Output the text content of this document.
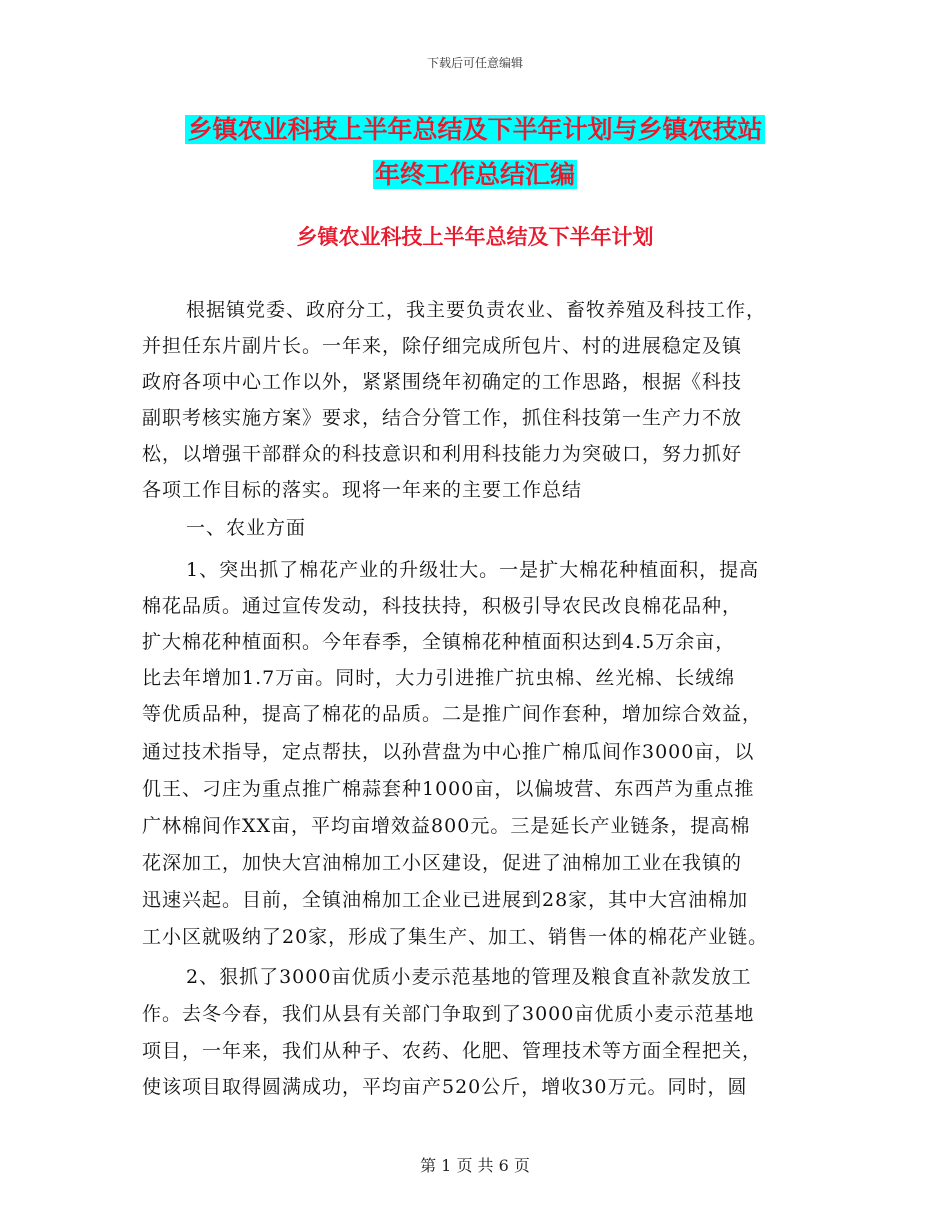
下载后可任意编辑
乡镇农业科技上半年总结及下半年计划与乡镇农技站
年终工作总结汇编
乡镇农业科技上半年总结及下半年计划
根据镇党委、政府分工，我主要负责农业、畜牧养殖及科技工作，
并担任东片副片长。一年来，除仔细完成所包片、村的进展稳定及镇
政府各项中心工作以外，紧紧围绕年初确定的工作思路，根据《科技
副职考核实施方案》要求，结合分管工作，抓住科技第一生产力不放
松，以增强干部群众的科技意识和利用科技能力为突破口，努力抓好
各项工作目标的落实。现将一年来的主要工作总结
一、农业方面
1、突出抓了棉花产业的升级壮大。一是扩大棉花种植面积，提高
棉花品质。通过宣传发动，科技扶持，积极引导农民改良棉花品种，
扩大棉花种植面积。今年春季，全镇棉花种植面积达到4.5万余亩，
比去年增加1.7万亩。同时，大力引进推广抗虫棉、丝光棉、长绒绵
等优质品种，提高了棉花的品质。二是推广间作套种，增加综合效益，
通过技术指导，定点帮扶，以孙营盘为中心推广棉瓜间作3000亩，以
仉王、刁庄为重点推广棉蒜套种1000亩，以偏坡营、东西芦为重点推
广林棉间作XX亩，平均亩增效益800元。三是延长产业链条，提高棉
花深加工，加快大宫油棉加工小区建设，促进了油棉加工业在我镇的
迅速兴起。目前，全镇油棉加工企业已进展到28家，其中大宫油棉加
工小区就吸纳了20家，形成了集生产、加工、销售一体的棉花产业链。
2、狠抓了3000亩优质小麦示范基地的管理及粮食直补款发放工
作。去冬今春，我们从县有关部门争取到了3000亩优质小麦示范基地
项目，一年来，我们从种子、农药、化肥、管理技术等方面全程把关，
使该项目取得圆满成功，平均亩产520公斤，增收30万元。同时，圆
第 1 页 共 6 页
